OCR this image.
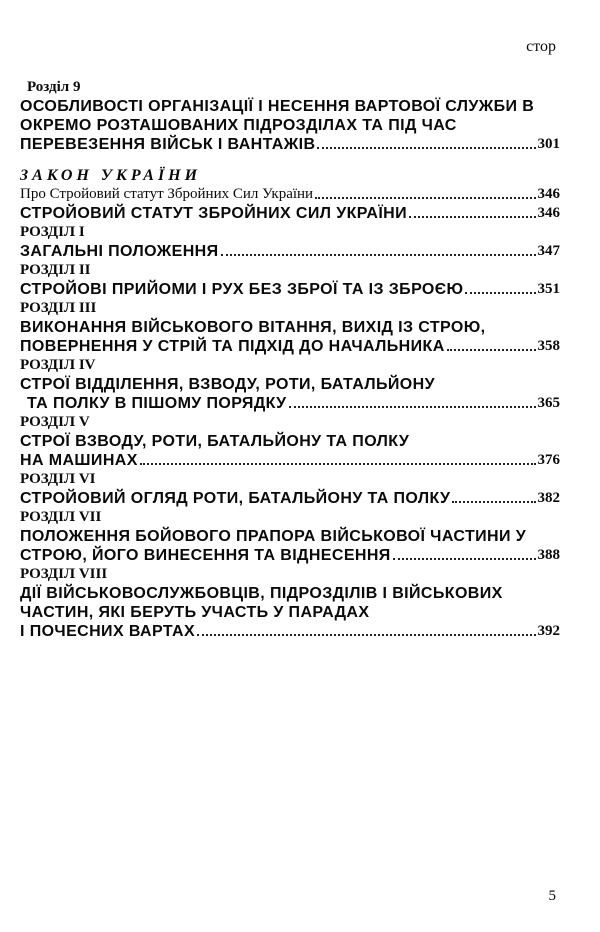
стор
Розділ 9
ОСОБЛИВОСТІ ОРГАНІЗАЦІЇ І НЕСЕННЯ ВАРТОВОЇ СЛУЖБИ В
ОКРЕМО РОЗТАШОВАНИХ ПІДРОЗДІЛАХ ТА ПІД ЧАС
ПЕРЕВЕЗЕННЯ ВІЙСЬК І ВАНТАЖІВ	301
ЗАКОН УКРАЇНИ
Про Стройовий статут Збройних Сил України	346
СТРОЙОВИЙ СТАТУТ ЗБРОЙНИХ СИЛ УКРАЇНИ	346
РОЗДІЛ І
ЗАГАЛЬНІ ПОЛОЖЕННЯ	347
РОЗДІЛ ІІ
СТРОЙОВІ ПРИЙОМИ І РУХ БЕЗ ЗБРОЇ ТА ІЗ ЗБРОЄЮ	351
РОЗДІЛ ІІІ
ВИКОНАННЯ ВІЙСЬКОВОГО ВІТАННЯ, ВИХІД ІЗ СТРОЮ,
ПОВЕРНЕННЯ У СТРІЙ ТА ПІДХІД ДО НАЧАЛЬНИКА	358
РОЗДІЛ IV
СТРОЇ ВІДДІЛЕННЯ, ВЗВОДУ, РОТИ, БАТАЛЬЙОНУ
ТА ПОЛКУ В ПІШОМУ ПОРЯДКУ	365
РОЗДІЛ V
СТРОЇ ВЗВОДУ, РОТИ, БАТАЛЬЙОНУ ТА ПОЛКУ
НА МАШИНАХ	376
РОЗДІЛ VI
СТРОЙОВИЙ ОГЛЯД РОТИ, БАТАЛЬЙОНУ ТА ПОЛКУ	382
РОЗДІЛ VII
ПОЛОЖЕННЯ БОЙОВОГО ПРАПОРА ВІЙСЬКОВОЇ ЧАСТИНИ У
СТРОЮ, ЙОГО ВИНЕСЕННЯ ТА ВІДНЕСЕННЯ	388
РОЗДІЛ VIII
ДІЇ ВІЙСЬКОВОСЛУЖБОВЦІВ, ПІДРОЗДІЛІВ І ВІЙСЬКОВИХ
ЧАСТИН, ЯКІ БЕРУТЬ УЧАСТЬ У ПАРАДАХ
І ПОЧЕСНИХ ВАРТАХ	392
5
